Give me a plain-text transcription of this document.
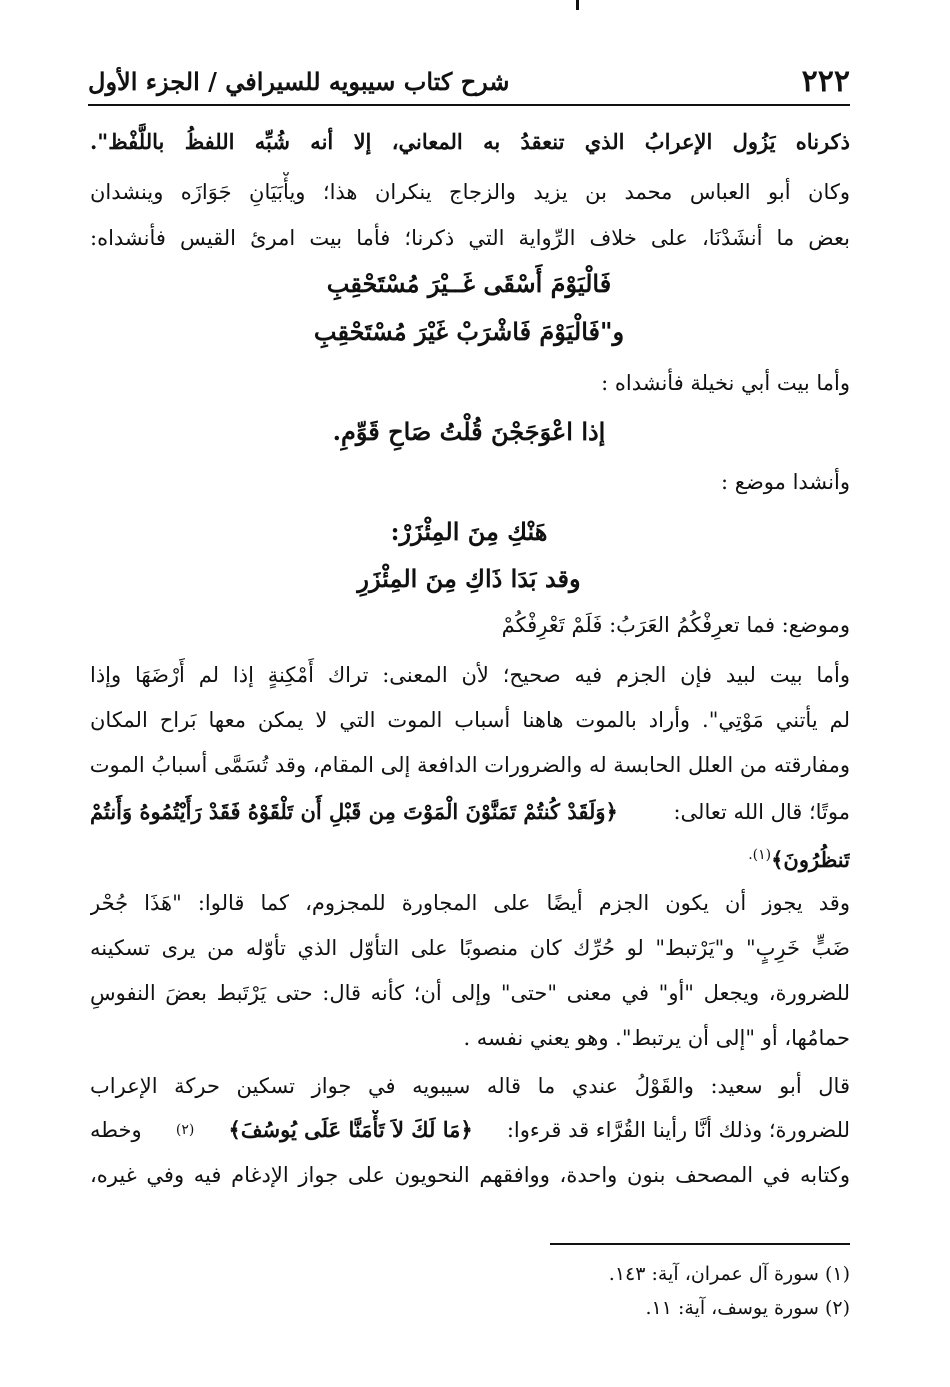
٢٢٢
شرح كتاب سيبويه للسيرافي / الجزء الأول
ذكرناه يَزُول الإعرابُ الذي تنعقدُ به المعاني، إلا أنه شُبِّه اللفظُ باللَّفْظ".
وكان أبو العباس محمد بن يزيد والزجاج ينكران هذا؛ ويأْبَيَانِ جَوَازَه وينشدان
بعض ما أنشَدْنَا، على خلاف الرِّواية التي ذكرنا؛ فأما بيت امرئ القيس فأنشداه:
فَالْيَوْمَ أَسْقَى غَــيْرَ مُسْتَحْقِبِ
و"فَالْيَوْمَ فَاشْرَبْ غَيْرَ مُسْتَحْقِبِ
وأما بيت أبي نخيلة فأنشداه :
إذا اعْوَجَجْنَ قُلْتُ صَاحِ قَوِّمِ.
وأنشدا موضع :
هَنْكِ مِنَ المِئْزَرْ:
وقد بَدَا ذَاكِ مِنَ المِئْزَرِ
وموضع: فما تعرِفْكُمُ العَرَبُ: فَلَمْ تَعْرِفْكُمْ
وأما بيت لبيد فإن الجزم فيه صحيح؛ لأن المعنى: تراك أَمْكِنةٍ إذا لم أَرْضَهَا وإذا
لم يأتني مَوْتِي". وأراد بالموت هاهنا أسباب الموت التي لا يمكن معها بَراح المكان
ومفارقته من العلل الحابسة له والضرورات الدافعة إلى المقام، وقد تُسَمَّى أسبابُ الموت
موتًا؛ قال الله تعالى:
﴿وَلَقَدْ كُنتُمْ تَمَنَّوْنَ الْمَوْتَ مِن قَبْلِ أَن تَلْقَوْهُ فَقَدْ رَأَيْتُمُوهُ وَأَنتُمْ
تَنظُرُونَ﴾$^{(١).}$
وقد يجوز أن يكون الجزم أيضًا على المجاورة للمجزوم، كما قالوا: "هَذَا جُحْر
ضَبٍّ خَرِبٍ" و"يَرْتبط" لو حُرِّك كان منصوبًا على التأوّل الذي تأوّله من يرى تسكينه
للضرورة، ويجعل "أو" في معنى "حتى" وإلى أن؛ كأنه قال: حتى يَرْتَبط بعضَ النفوسِ
حمامُها، أو "إلى أن يرتبط". وهو يعني نفسه .
قال أبو سعيد: والقَوْلُ عندي ما قاله سيبويه في جواز تسكين حركة الإعراب
للضرورة؛ وذلك أنَّا رأينا القُرَّاء قد قرءوا:
﴿مَا لَكَ لاَ تَأْمَنَّا عَلَى يُوسُفَ﴾
(٢)
وخطه
وكتابه في المصحف بنون واحدة، ووافقهم النحويون على جواز الإدغام فيه وفي غيره،
(١) سورة آل عمران، آية: ١٤٣.
(٢) سورة يوسف، آية: ١١.
